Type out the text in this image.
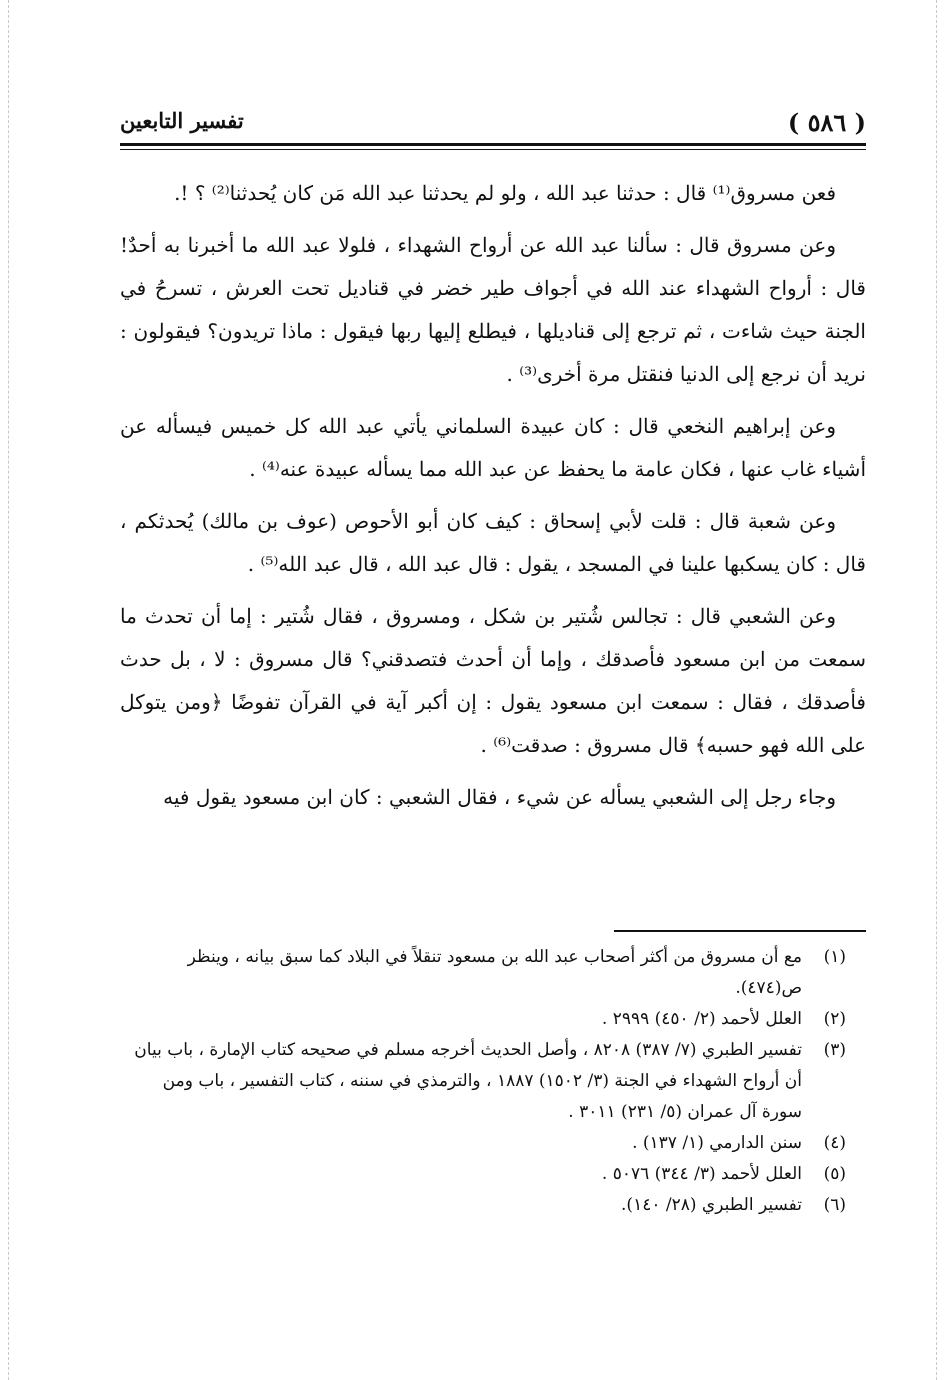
( ٥٨٦ )
تفسير التابعين

فعن مسروق⁽¹⁾ قال : حدثنا عبد الله ، ولو لم يحدثنا عبد الله مَن كان يُحدثنا⁽²⁾ ؟ !.

وعن مسروق قال : سألنا عبد الله عن أرواح الشهداء ، فلولا عبد الله ما أخبرنا به أحدٌ! قال : أرواح الشهداء عند الله في أجواف طير خضر في قناديل تحت العرش ، تسرحُ في الجنة حيث شاءت ، ثم ترجع إلى قناديلها ، فيطلع إليها ربها فيقول : ماذا تريدون؟ فيقولون : نريد أن نرجع إلى الدنيا فنقتل مرة أخرى⁽³⁾ .

وعن إبراهيم النخعي قال : كان عبيدة السلماني يأتي عبد الله كل خميس فيسأله عن أشياء غاب عنها ، فكان عامة ما يحفظ عن عبد الله مما يسأله عبيدة عنه⁽⁴⁾ .

وعن شعبة قال : قلت لأبي إسحاق : كيف كان أبو الأحوص (عوف بن مالك) يُحدثكم ، قال : كان يسكبها علينا في المسجد ، يقول : قال عبد الله ، قال عبد الله⁽⁵⁾ .

وعن الشعبي قال : تجالس شُتير بن شكل ، ومسروق ، فقال شُتير : إما أن تحدث ما سمعت من ابن مسعود فأصدقك ، وإما أن أحدث فتصدقني؟ قال مسروق : لا ، بل حدث فأصدقك ، فقال : سمعت ابن مسعود يقول : إن أكبر آية في القرآن تفوضًا ﴿ومن يتوكل على الله فهو حسبه﴾ قال مسروق : صدقت⁽⁶⁾ .

وجاء رجل إلى الشعبي يسأله عن شيء ، فقال الشعبي : كان ابن مسعود يقول فيه

(١)
مع أن مسروق من أكثر أصحاب عبد الله بن مسعود تنقلاً في البلاد كما سبق بيانه ، وينظر ص(٤٧٤).
(٢)
العلل لأحمد (٢/ ٤٥٠) ٢٩٩٩ .
(٣)
تفسير الطبري (٧/ ٣٨٧) ٨٢٠٨ ، وأصل الحديث أخرجه مسلم في صحيحه كتاب الإمارة ، باب بيان أن أرواح الشهداء في الجنة (٣/ ١٥٠٢) ١٨٨٧ ، والترمذي في سننه ، كتاب التفسير ، باب ومن سورة آل عمران (٥/ ٢٣١) ٣٠١١ .
(٤)
سنن الدارمي (١/ ١٣٧) .
(٥)
العلل لأحمد (٣/ ٣٤٤) ٥٠٧٦ .
(٦)
تفسير الطبري (٢٨/ ١٤٠).
